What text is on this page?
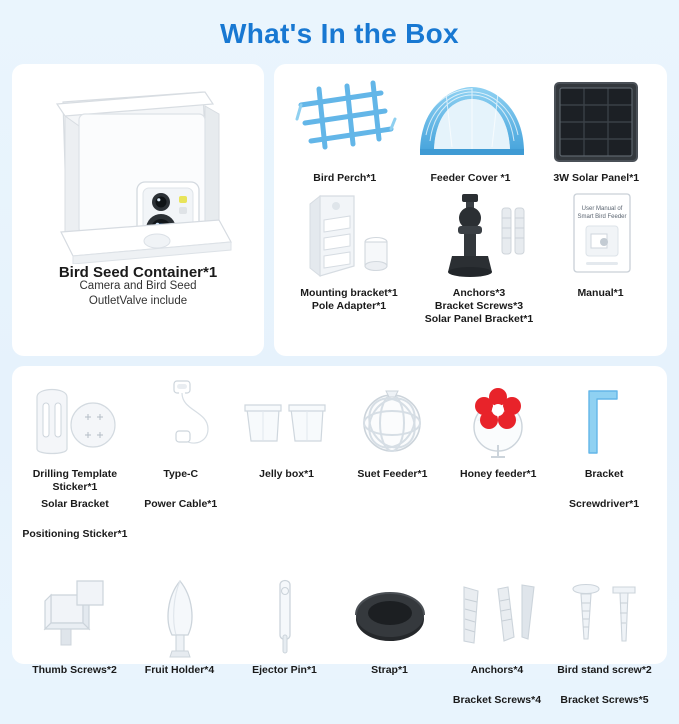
What's In the Box
Bird Seed Container*1
Camera and Bird Seed
OutletValve include
Bird Perch*1	Feeder Cover *1	3W Solar Panel*1
Mounting bracket*1
Pole Adapter*1
Anchors*3
Bracket Screws*3
Solar Panel Bracket*1
User Manual of
Smart Bird Feeder
Manual*1
Drilling Template Sticker*1
Solar Bracket
Positioning Sticker*1
Type-C
Power Cable*1
Jelly box*1	Suet Feeder*1	Honey feeder*1	Bracket
Screwdriver*1
Thumb Screws*2	Fruit Holder*4	Ejector Pin*1	Strap*1	Anchors*4
Bracket Screws*4
Bird stand screw*2
Bracket Screws*5
